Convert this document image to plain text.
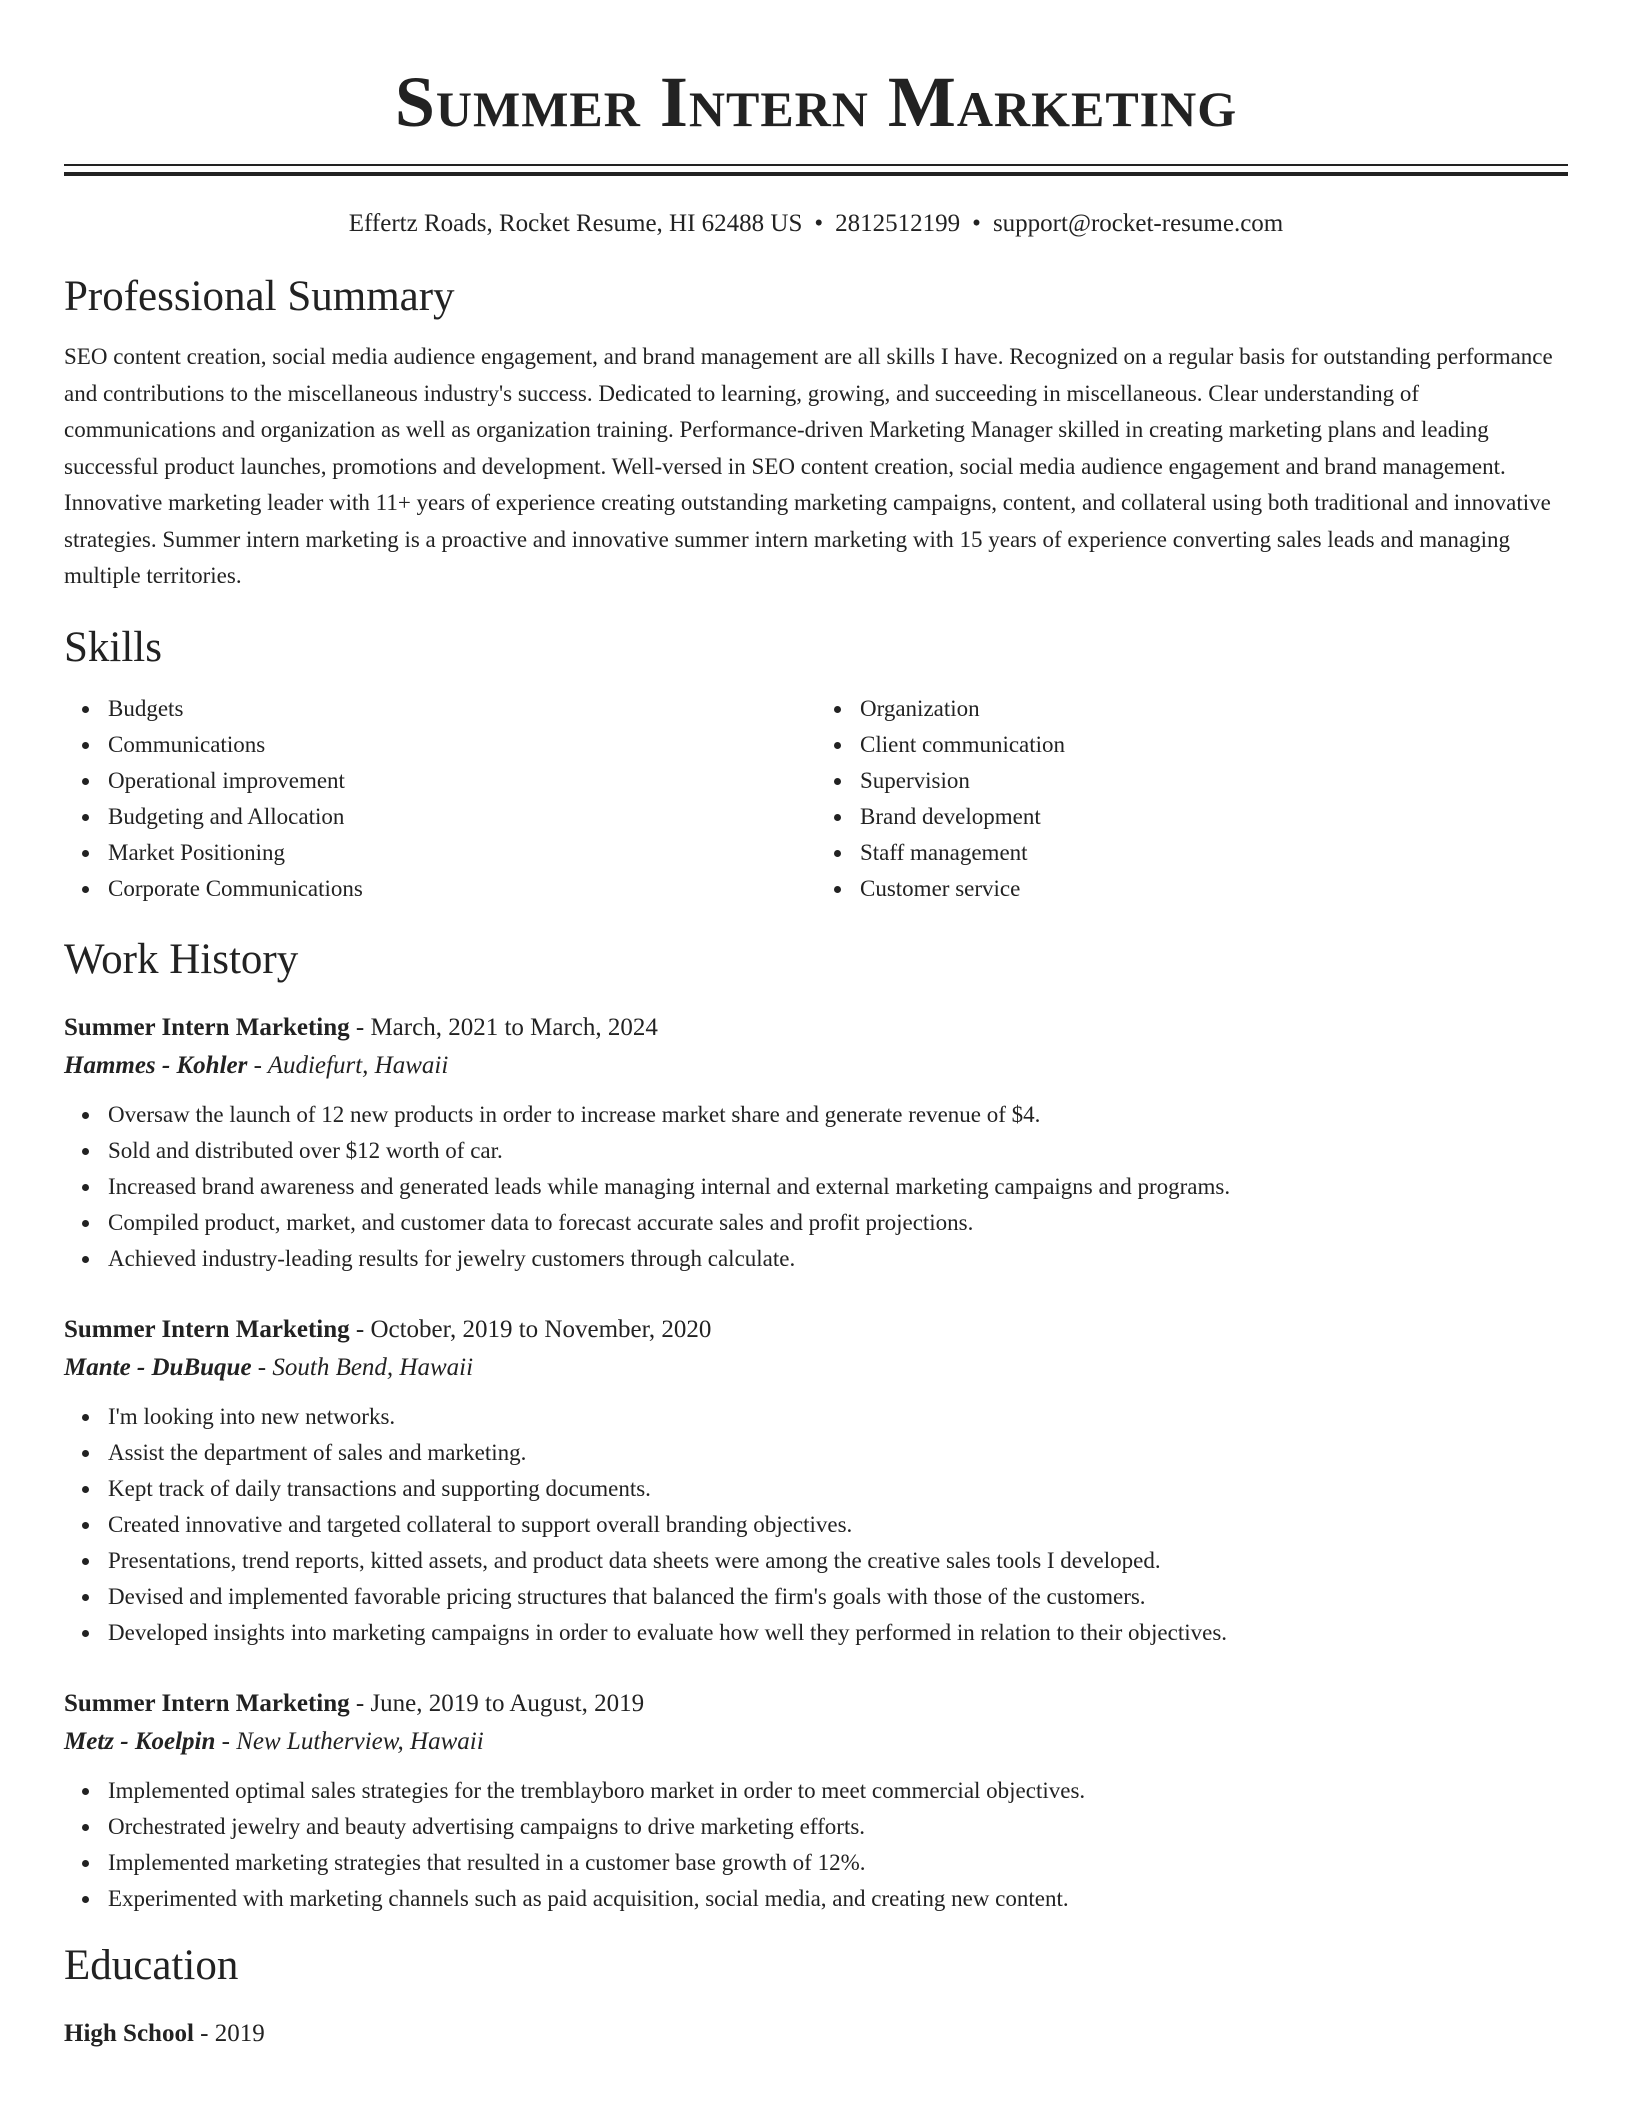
Summer Intern Marketing
Effertz Roads, Rocket Resume, HI 62488 US • 2812512199 • support@rocket-resume.com
Professional Summary

SEO content creation, social media audience engagement, and brand management are all skills I have. Recognized on a regular basis for outstanding performance and contributions to the miscellaneous industry's success. Dedicated to learning, growing, and succeeding in miscellaneous. Clear understanding of communications and organization as well as organization training. Performance-driven Marketing Manager skilled in creating marketing plans and leading successful product launches, promotions and development. Well-versed in SEO content creation, social media audience engagement and brand management. Innovative marketing leader with 11+ years of experience creating outstanding marketing campaigns, content, and collateral using both traditional and innovative strategies. Summer intern marketing is a proactive and innovative summer intern marketing with 15 years of experience converting sales leads and managing multiple territories.

Skills
Budgets
Communications
Operational improvement
Budgeting and Allocation
Market Positioning
Corporate Communications
Organization
Client communication
Supervision
Brand development
Staff management
Customer service
Work History
Summer Intern Marketing - March, 2021 to March, 2024
Hammes - Kohler - Audiefurt, Hawaii
Oversaw the launch of 12 new products in order to increase market share and generate revenue of $4.
Sold and distributed over $12 worth of car.
Increased brand awareness and generated leads while managing internal and external marketing campaigns and programs.
Compiled product, market, and customer data to forecast accurate sales and profit projections.
Achieved industry-leading results for jewelry customers through calculate.
Summer Intern Marketing - October, 2019 to November, 2020
Mante - DuBuque - South Bend, Hawaii
I'm looking into new networks.
Assist the department of sales and marketing.
Kept track of daily transactions and supporting documents.
Created innovative and targeted collateral to support overall branding objectives.
Presentations, trend reports, kitted assets, and product data sheets were among the creative sales tools I developed.
Devised and implemented favorable pricing structures that balanced the firm's goals with those of the customers.
Developed insights into marketing campaigns in order to evaluate how well they performed in relation to their objectives.
Summer Intern Marketing - June, 2019 to August, 2019
Metz - Koelpin - New Lutherview, Hawaii
Implemented optimal sales strategies for the tremblayboro market in order to meet commercial objectives.
Orchestrated jewelry and beauty advertising campaigns to drive marketing efforts.
Implemented marketing strategies that resulted in a customer base growth of 12%.
Experimented with marketing channels such as paid acquisition, social media, and creating new content.
Education
High School - 2019
